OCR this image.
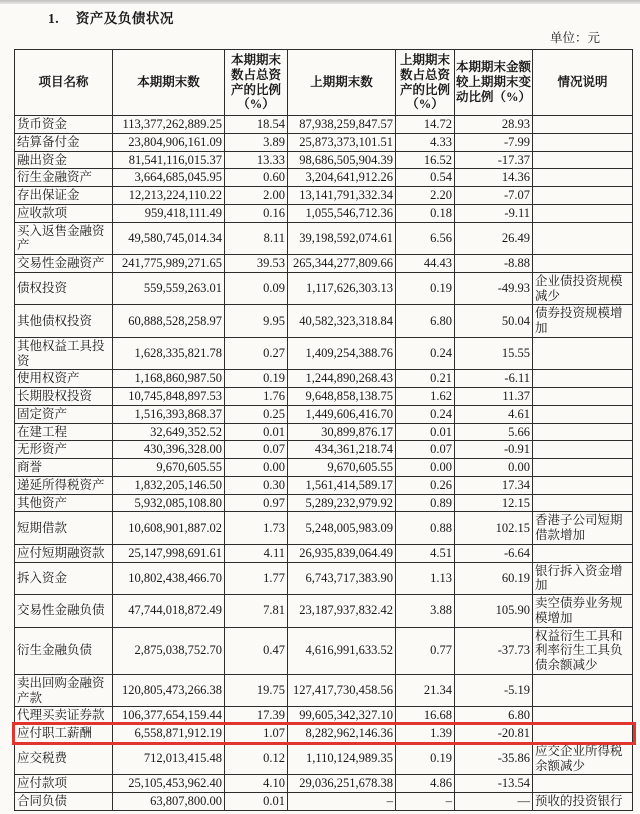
1. 资产及负债状况
单位：元
项目名称	本期期末数	本期期末数占总资产的比例（%）	上期期末数	上期期末数占总资产的比例（%）	本期期末金额较上期期末变动比例（%）	情况说明
货币资金	113,377,262,889.25	18.54	87,938,259,847.57	14.72	28.93	
结算备付金	23,804,906,161.09	3.89	25,873,373,101.51	4.33	-7.99	
融出资金	81,541,116,015.37	13.33	98,686,505,904.39	16.52	-17.37	
衍生金融资产	3,664,685,045.95	0.60	3,204,641,912.26	0.54	14.36	
存出保证金	12,213,224,110.22	2.00	13,141,791,332.34	2.20	-7.07	
应收款项	959,418,111.49	0.16	1,055,546,712.36	0.18	-9.11	
买入返售金融资产	49,580,745,014.34	8.11	39,198,592,074.61	6.56	26.49	
交易性金融资产	241,775,989,271.65	39.53	265,344,277,809.66	44.43	-8.88	
债权投资	559,559,263.01	0.09	1,117,626,303.13	0.19	-49.93	企业债投资规模减少
其他债权投资	60,888,528,258.97	9.95	40,582,323,318.84	6.80	50.04	债券投资规模增加
其他权益工具投资	1,628,335,821.78	0.27	1,409,254,388.76	0.24	15.55	
使用权资产	1,168,860,987.50	0.19	1,244,890,268.43	0.21	-6.11	
长期股权投资	10,745,848,897.53	1.76	9,648,858,138.75	1.62	11.37	
固定资产	1,516,393,868.37	0.25	1,449,606,416.70	0.24	4.61	
在建工程	32,649,352.52	0.01	30,899,876.17	0.01	5.66	
无形资产	430,396,328.00	0.07	434,361,218.74	0.07	-0.91	
商誉	9,670,605.55	0.00	9,670,605.55	0.00	0.00	
递延所得税资产	1,832,205,146.50	0.30	1,561,414,589.17	0.26	17.34	
其他资产	5,932,085,108.80	0.97	5,289,232,979.92	0.89	12.15	
短期借款	10,608,901,887.02	1.73	5,248,005,983.09	0.88	102.15	香港子公司短期借款增加
应付短期融资款	25,147,998,691.61	4.11	26,935,839,064.49	4.51	-6.64	
拆入资金	10,802,438,466.70	1.77	6,743,717,383.90	1.13	60.19	银行拆入资金增加
交易性金融负债	47,744,018,872.49	7.81	23,187,937,832.42	3.88	105.90	卖空债券业务规模增加
衍生金融负债	2,875,038,752.70	0.47	4,616,991,633.52	0.77	-37.73	权益衍生工具和利率衍生工具负债余额减少
卖出回购金融资产款	120,805,473,266.38	19.75	127,417,730,458.56	21.34	-5.19	
代理买卖证券款	106,377,654,159.44	17.39	99,605,342,327.10	16.68	6.80	
应付职工薪酬	6,558,871,912.19	1.07	8,282,962,146.36	1.39	-20.81	
应交税费	712,013,415.48	0.12	1,110,124,989.35	0.19	-35.86	应交企业所得税余额减少
应付款项	25,105,453,962.40	4.10	29,036,251,678.38	4.86	-13.54	
合同负债	63,807,800.00	0.01	–	–	—	预收的投资银行
